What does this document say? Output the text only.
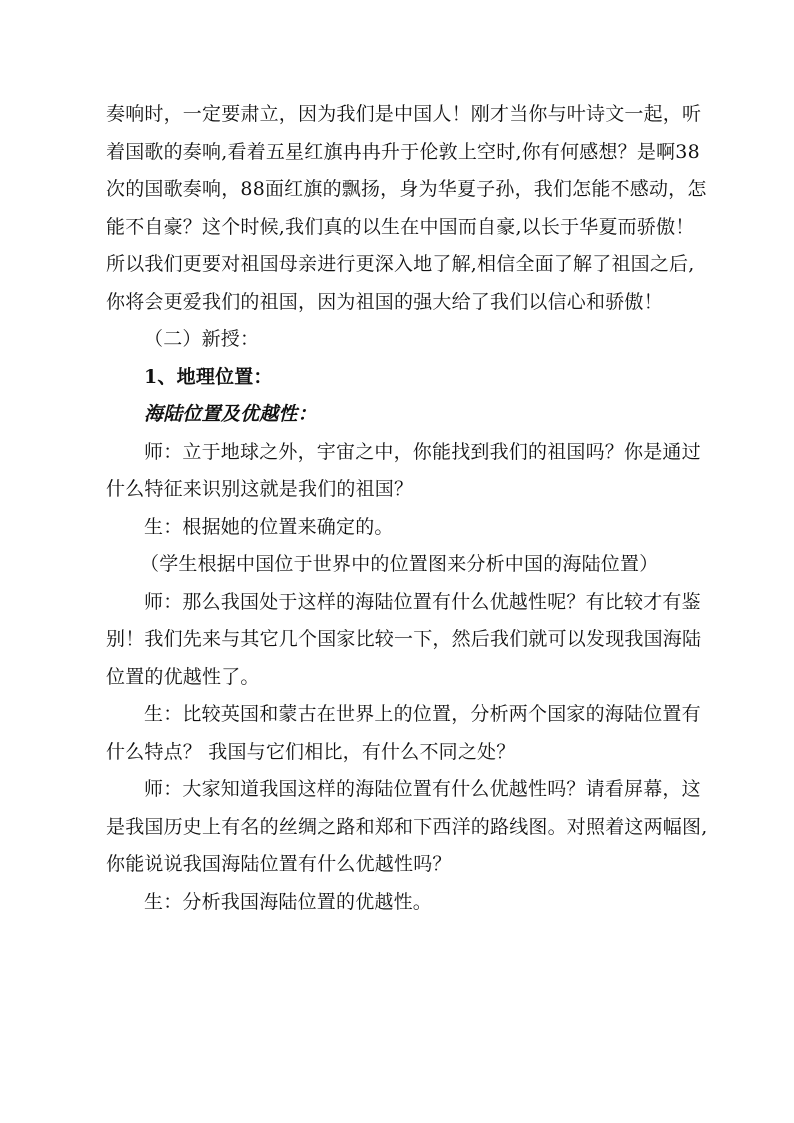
奏响时，一定要肃立，因为我们是中国人！刚才当你与叶诗文一起，听
着国歌的奏响,看着五星红旗冉冉升于伦敦上空时,你有何感想？是啊38
次的国歌奏响，88面红旗的飘扬，身为华夏子孙，我们怎能不感动，怎
能不自豪？这个时候,我们真的以生在中国而自豪,以长于华夏而骄傲！
所以我们更要对祖国母亲进行更深入地了解,相信全面了解了祖国之后,
你将会更爱我们的祖国，因为祖国的强大给了我们以信心和骄傲！
（二）新授：
1、地理位置：
海陆位置及优越性：
师：立于地球之外，宇宙之中，你能找到我们的祖国吗？你是通过
什么特征来识别这就是我们的祖国？
生：根据她的位置来确定的。
（学生根据中国位于世界中的位置图来分析中国的海陆位置）
师：那么我国处于这样的海陆位置有什么优越性呢？有比较才有鉴
别！我们先来与其它几个国家比较一下，然后我们就可以发现我国海陆
位置的优越性了。
生：比较英国和蒙古在世界上的位置，分析两个国家的海陆位置有
什么特点？ 我国与它们相比，有什么不同之处？
师：大家知道我国这样的海陆位置有什么优越性吗？请看屏幕，这
是我国历史上有名的丝绸之路和郑和下西洋的路线图。对照着这两幅图,
你能说说我国海陆位置有什么优越性吗？
生：分析我国海陆位置的优越性。
